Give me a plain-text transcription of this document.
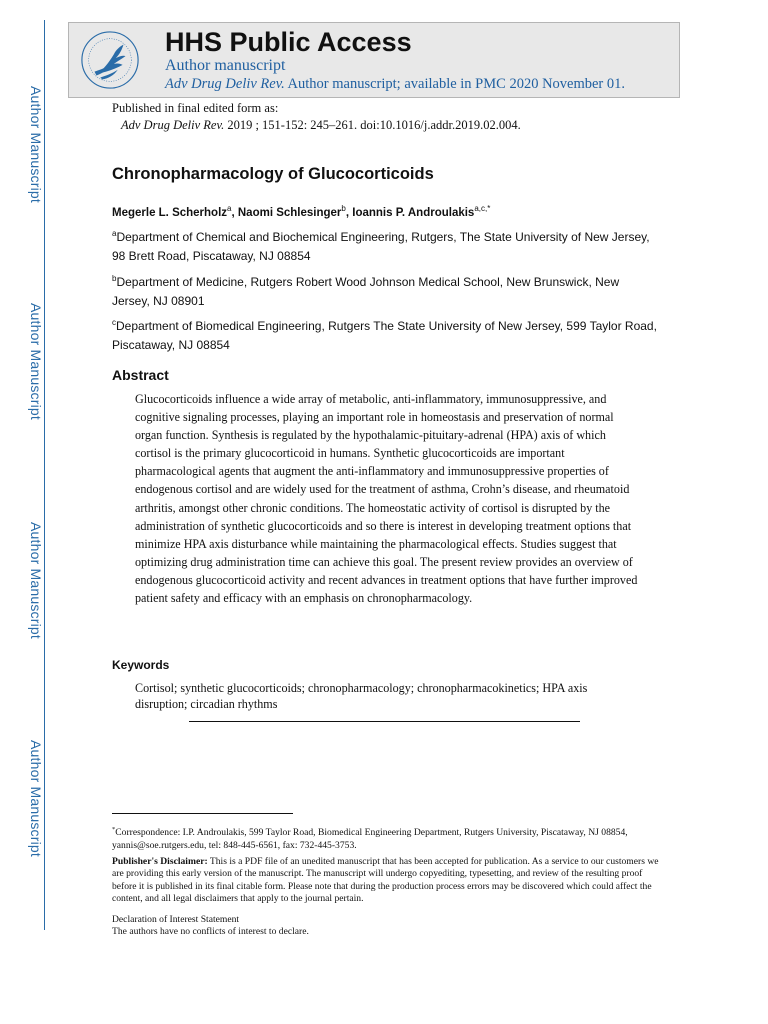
Author Manuscript
Author Manuscript
Author Manuscript
Author Manuscript
HHS Public Access
Author manuscript
Adv Drug Deliv Rev. Author manuscript; available in PMC 2020 November 01.
Published in final edited form as:
Adv Drug Deliv Rev. 2019 ; 151-152: 245–261. doi:10.1016/j.addr.2019.02.004.
Chronopharmacology of Glucocorticoids
Megerle L. Scherholz$^a$, Naomi Schlesinger$^b$, Ioannis P. Androulakis$^{a,c,*}$
$^a$Department of Chemical and Biochemical Engineering, Rutgers, The State University of New Jersey, 98 Brett Road, Piscataway, NJ 08854
$^b$Department of Medicine, Rutgers Robert Wood Johnson Medical School, New Brunswick, New Jersey, NJ 08901
$^c$Department of Biomedical Engineering, Rutgers The State University of New Jersey, 599 Taylor Road, Piscataway, NJ 08854
Abstract
Glucocorticoids influence a wide array of metabolic, anti-inflammatory, immunosuppressive, and cognitive signaling processes, playing an important role in homeostasis and preservation of normal organ function. Synthesis is regulated by the hypothalamic-pituitary-adrenal (HPA) axis of which cortisol is the primary glucocorticoid in humans. Synthetic glucocorticoids are important pharmacological agents that augment the anti-inflammatory and immunosuppressive properties of endogenous cortisol and are widely used for the treatment of asthma, Crohn’s disease, and rheumatoid arthritis, amongst other chronic conditions. The homeostatic activity of cortisol is disrupted by the administration of synthetic glucocorticoids and so there is interest in developing treatment options that minimize HPA axis disturbance while maintaining the pharmacological effects. Studies suggest that optimizing drug administration time can achieve this goal. The present review provides an overview of endogenous glucocorticoid activity and recent advances in treatment options that have further improved patient safety and efficacy with an emphasis on chronopharmacology.
Keywords
Cortisol; synthetic glucocorticoids; chronopharmacology; chronopharmacokinetics; HPA axis disruption; circadian rhythms

*Correspondence: I.P. Androulakis, 599 Taylor Road, Biomedical Engineering Department, Rutgers University, Piscataway, NJ 08854, yannis@soe.rutgers.edu, tel: 848-445-6561, fax: 732-445-3753.

Publisher's Disclaimer: This is a PDF file of an unedited manuscript that has been accepted for publication. As a service to our customers we are providing this early version of the manuscript. The manuscript will undergo copyediting, typesetting, and review of the resulting proof before it is published in its final citable form. Please note that during the production process errors may be discovered which could affect the content, and all legal disclaimers that apply to the journal pertain.

Declaration of Interest Statement

The authors have no conflicts of interest to declare.
